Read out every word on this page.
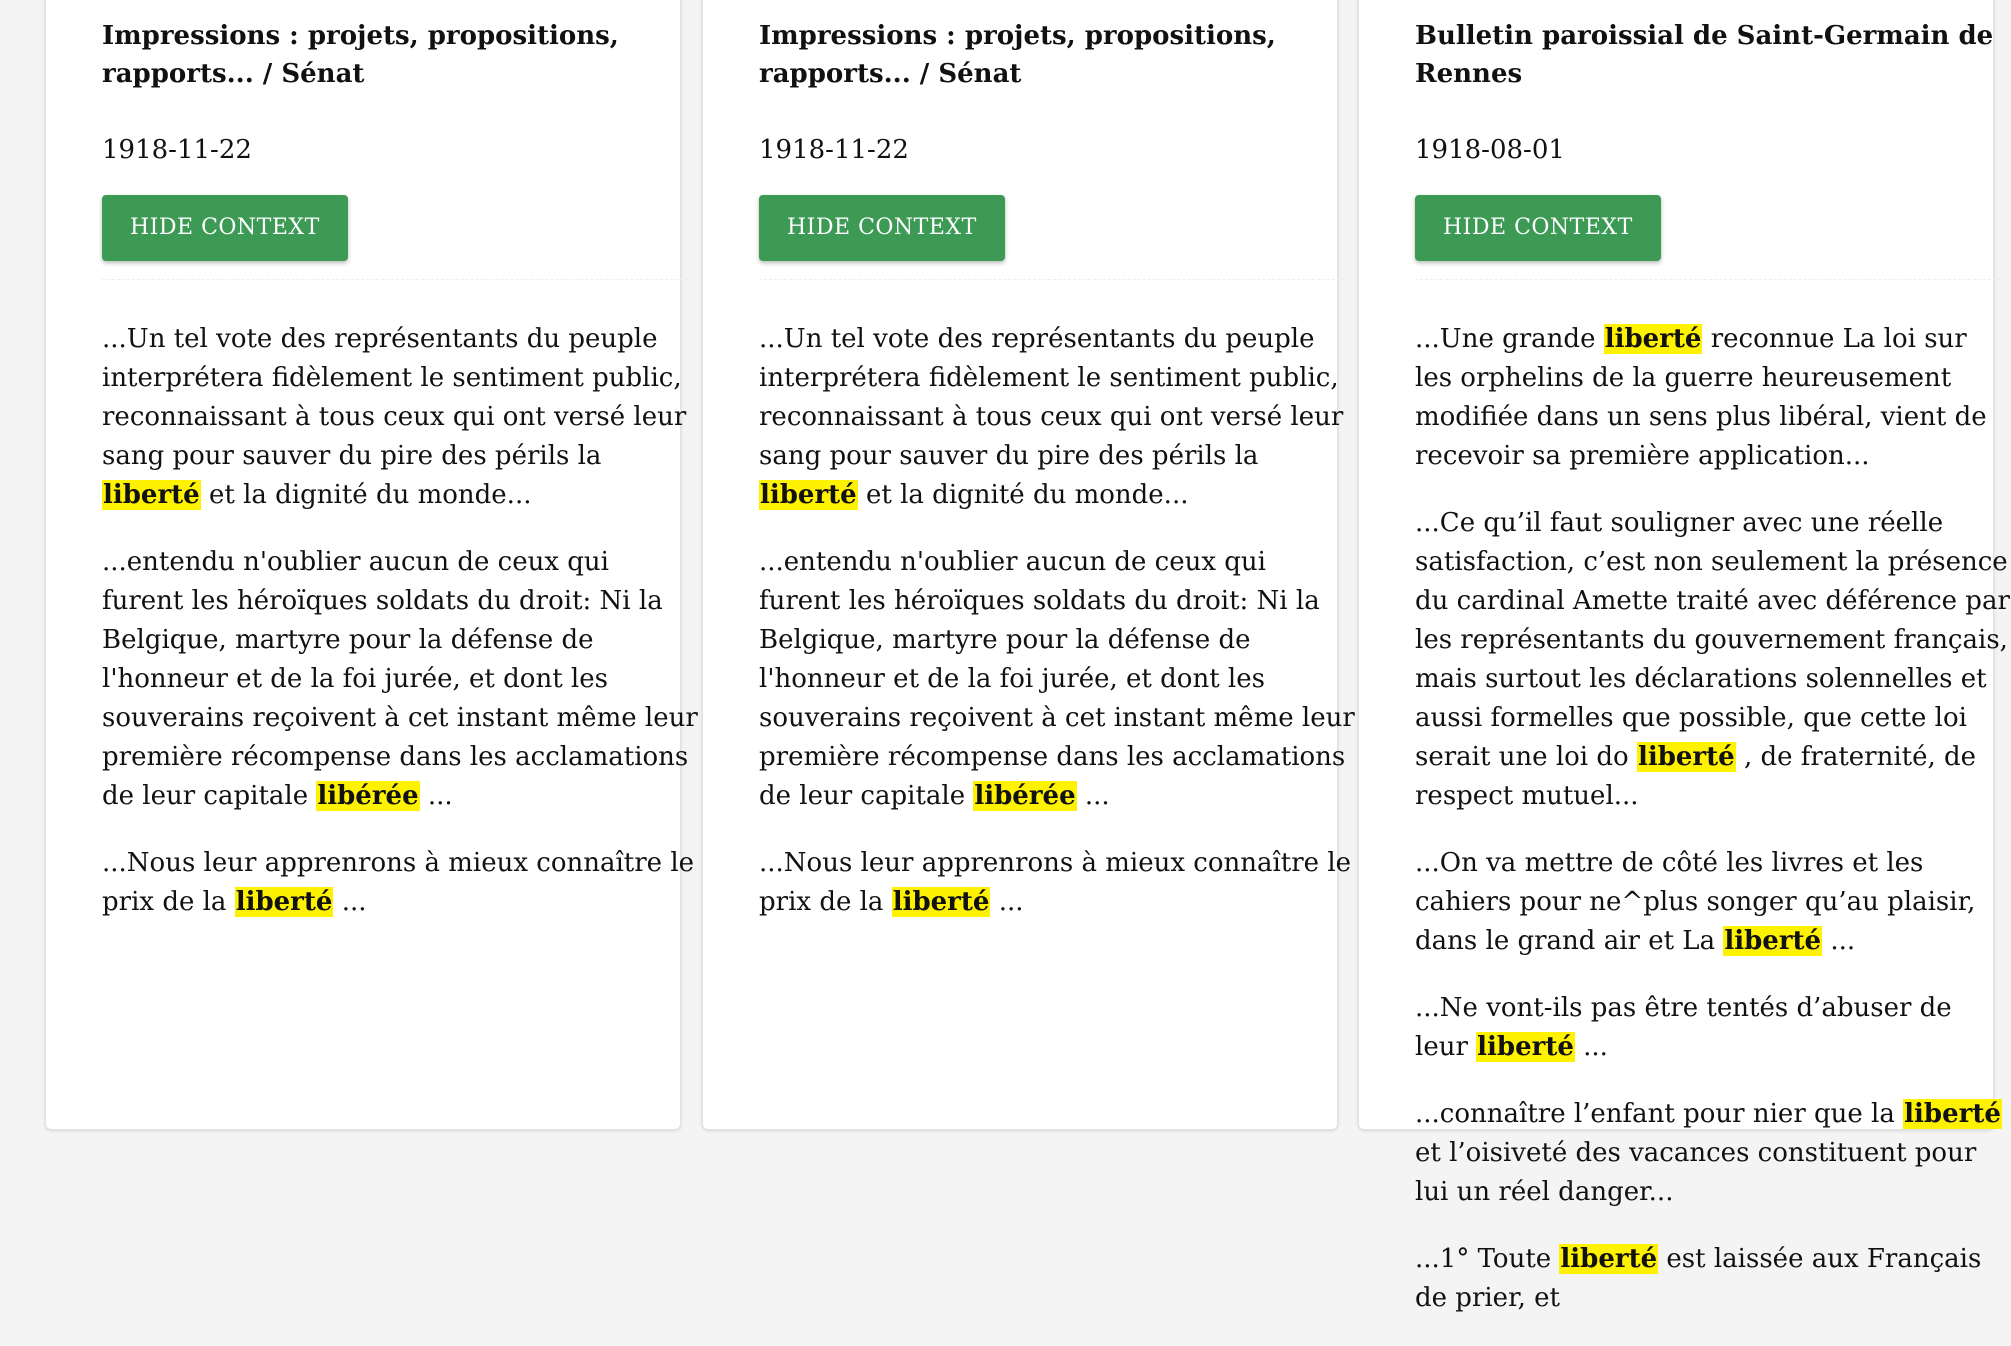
Impressions : projets, propositions, rapports... / Sénat
1918-11-22
HIDE CONTEXT

...Un tel vote des représentants du peuple interprétera fidèlement le sentiment public, reconnaissant à tous ceux qui ont versé leur sang pour sauver du pire des périls la liberté et la dignité du monde...

...entendu n'oublier aucun de ceux qui furent les héroïques soldats du droit: Ni la Belgique, martyre pour la défense de l'honneur et de la foi jurée, et dont les souverains reçoivent à cet instant même leur première récompense dans les acclamations de leur capitale libérée ...

...Nous leur apprenrons à mieux connaître le prix de la liberté ...

Impressions : projets, propositions, rapports... / Sénat
1918-11-22
HIDE CONTEXT

...Un tel vote des représentants du peuple interprétera fidèlement le sentiment public, reconnaissant à tous ceux qui ont versé leur sang pour sauver du pire des périls la liberté et la dignité du monde...

...entendu n'oublier aucun de ceux qui furent les héroïques soldats du droit: Ni la Belgique, martyre pour la défense de l'honneur et de la foi jurée, et dont les souverains reçoivent à cet instant même leur première récompense dans les acclamations de leur capitale libérée ...

...Nous leur apprenrons à mieux connaître le prix de la liberté ...

Bulletin paroissial de Saint-Germain de Rennes
1918-08-01
HIDE CONTEXT

...Une grande liberté reconnue La loi sur les orphelins de la guerre heureusement modifiée dans un sens plus libéral, vient de recevoir sa première application...

...Ce qu’il faut souligner avec une réelle satisfaction, c’est non seulement la présence du cardinal Amette traité avec déférence par les représentants du gouvernement français, mais surtout les déclarations solennelles et aussi formelles que possible, que cette loi serait une loi do liberté , de fraternité, de respect mutuel...

...On va mettre de côté les livres et les cahiers pour ne^plus songer qu’au plaisir, dans le grand air et La liberté ...

...Ne vont-ils pas être tentés d’abuser de leur liberté ...

...connaître l’enfant pour nier que la liberté et l’oisiveté des vacances constituent pour lui un réel danger...

...1° Toute liberté est laissée aux Français de prier, et
